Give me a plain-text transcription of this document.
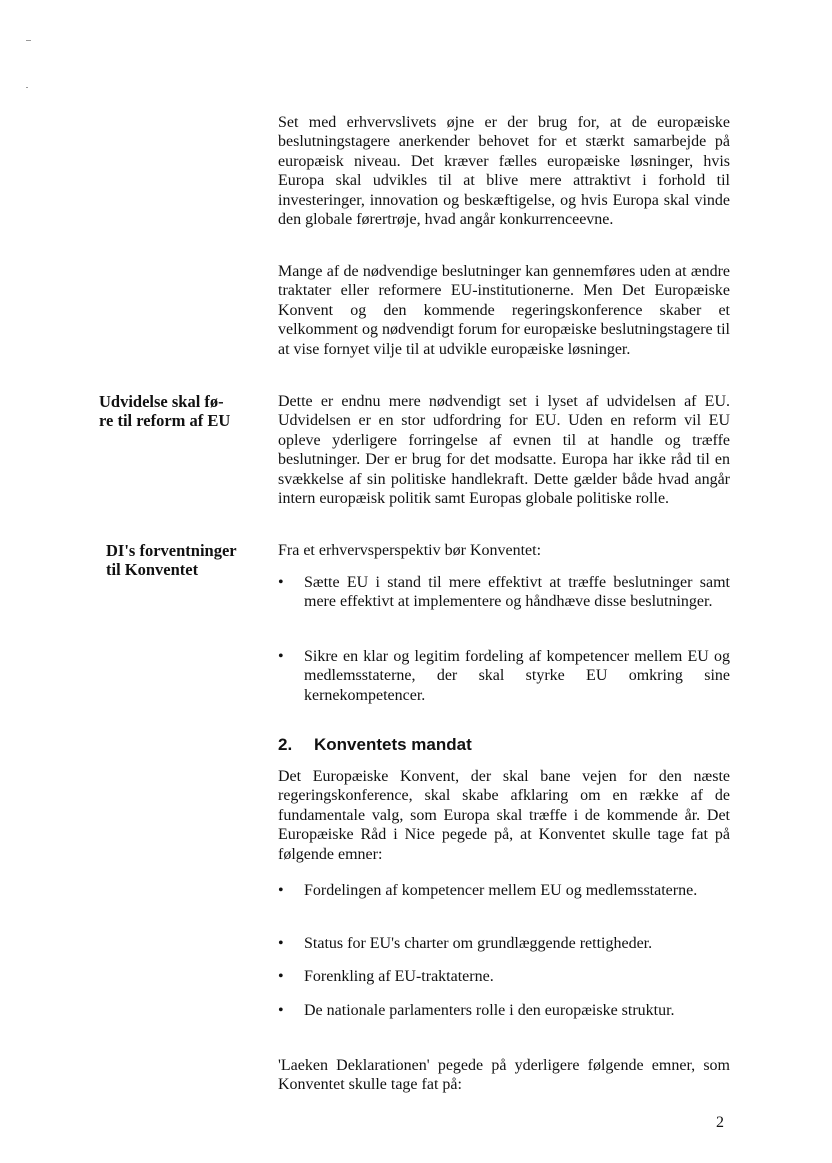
Udvidelse skal fø-
re til reform af EU
DI's forventninger
til Konventet

Set med erhvervslivets øjne er der brug for, at de europæiske beslutningstagere anerkender behovet for et stærkt samarbejde på europæisk niveau. Det kræver fælles europæiske løsninger, hvis Europa skal udvikles til at blive mere attraktivt i forhold til investeringer, innovation og beskæftigelse, og hvis Europa skal vinde den globale førertrøje, hvad angår konkurrenceevne.

Mange af de nødvendige beslutninger kan gennemføres uden at ændre traktater eller reformere EU-institutionerne. Men Det Europæiske Konvent og den kommende regeringskonference skaber et velkomment og nødvendigt forum for europæiske beslutningstagere til at vise fornyet vilje til at udvikle europæiske løsninger.

Dette er endnu mere nødvendigt set i lyset af udvidelsen af EU. Udvidelsen er en stor udfordring for EU. Uden en reform vil EU opleve yderligere forringelse af evnen til at handle og træffe beslutninger. Der er brug for det modsatte. Europa har ikke råd til en svækkelse af sin politiske handlekraft. Dette gælder både hvad angår intern europæisk politik samt Europas globale politiske rolle.

Fra et erhvervsperspektiv bør Konventet:

•
Sætte EU i stand til mere effektivt at træffe beslutninger samt mere effektivt at implementere og håndhæve disse beslutninger.
•
Sikre en klar og legitim fordeling af kompetencer mellem EU og medlemsstaterne, der skal styrke EU omkring sine kernekompetencer.
2.	Konventets mandat

Det Europæiske Konvent, der skal bane vejen for den næste regeringskonference, skal skabe afklaring om en række af de fundamentale valg, som Europa skal træffe i de kommende år. Det Europæiske Råd i Nice pegede på, at Konventet skulle tage fat på følgende emner:

•
Fordelingen af kompetencer mellem EU og medlemsstaterne.
•
Status for EU's charter om grundlæggende rettigheder.
•
Forenkling af EU-traktaterne.
•
De nationale parlamenters rolle i den europæiske struktur.

'Laeken Deklarationen' pegede på yderligere følgende emner, som Konventet skulle tage fat på:

2
